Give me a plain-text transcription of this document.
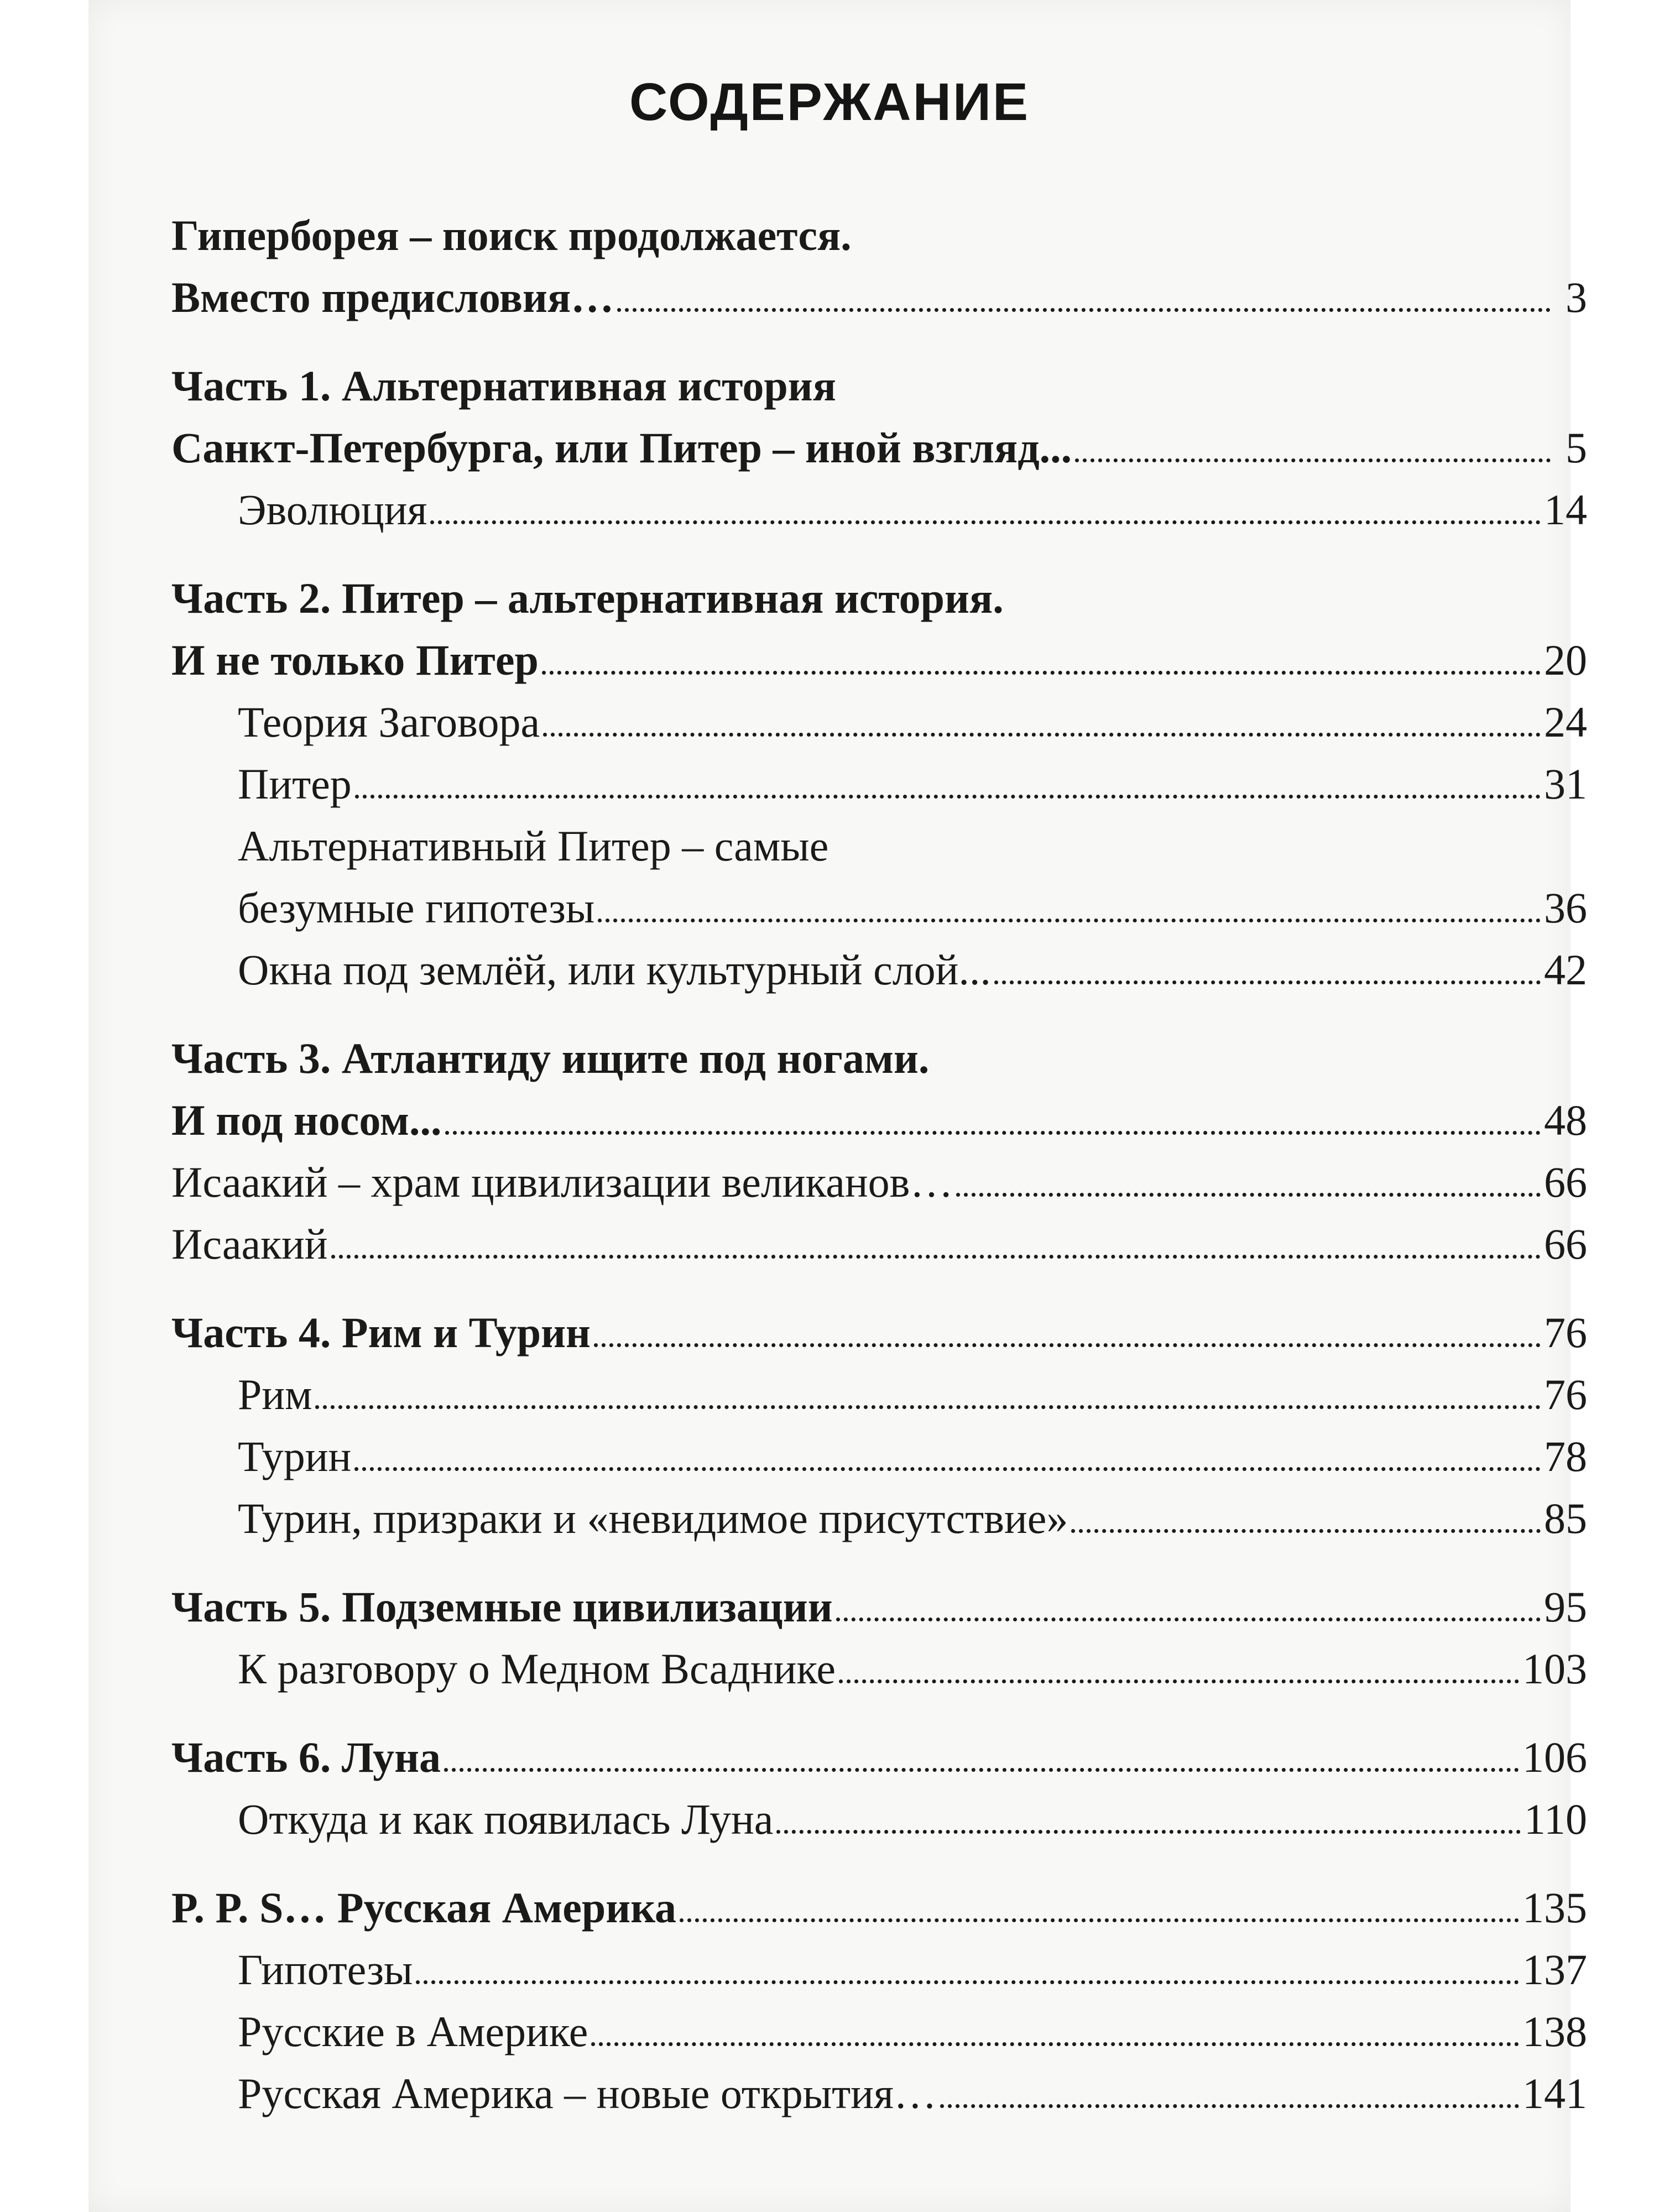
СОДЕРЖАНИЕ
Гиперборея – поиск продолжается.
Вместо предисловия…	3
Часть 1. Альтернативная история
Санкт-Петербурга, или Питер – иной взгляд...	5
Эволюция	14
Часть 2. Питер – альтернативная история.
И не только Питер	20
Теория Заговора	24
Питер	31
Альтернативный Питер – самые
безумные гипотезы	36
Окна под землёй, или культурный слой...	42
Часть 3. Атлантиду ищите под ногами.
И под носом...	48
Исаакий – храм цивилизации великанов…	66
Исаакий	66
Часть 4. Рим и Турин	76
Рим	76
Турин	78
Турин, призраки и «невидимое присутствие»	85
Часть 5. Подземные цивилизации	95
К разговору о Медном Всаднике	103
Часть 6. Луна	106
Откуда и как появилась Луна	110
P. P. S… Русская Америка	135
Гипотезы	137
Русские в Америке	138
Русская Америка – новые открытия…	141
